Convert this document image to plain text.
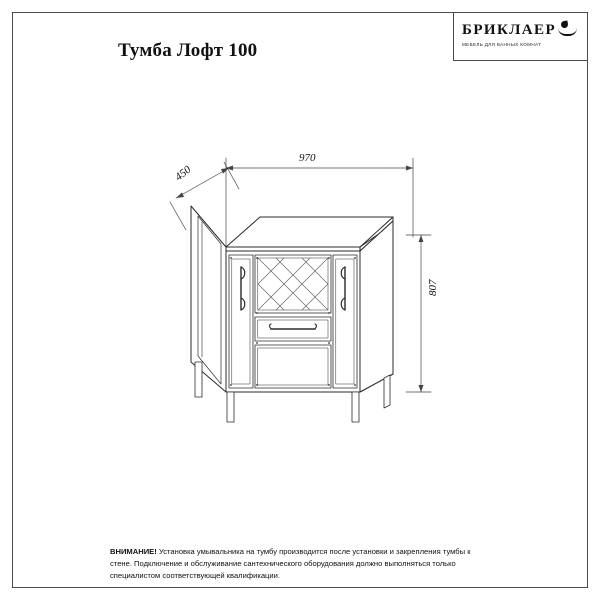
Тумба Лофт 100
БРИКЛАЕР
МЕБЕЛЬ ДЛЯ ВАННЫХ КОМНАТ
970
450
807
ВНИМАНИЕ! Установка умывальника на тумбу производится после установки и закрепления тумбы к стене. Подключение и обслуживание сантехнического оборудования должно выполняться только специалистом соответствующей квалификации.
